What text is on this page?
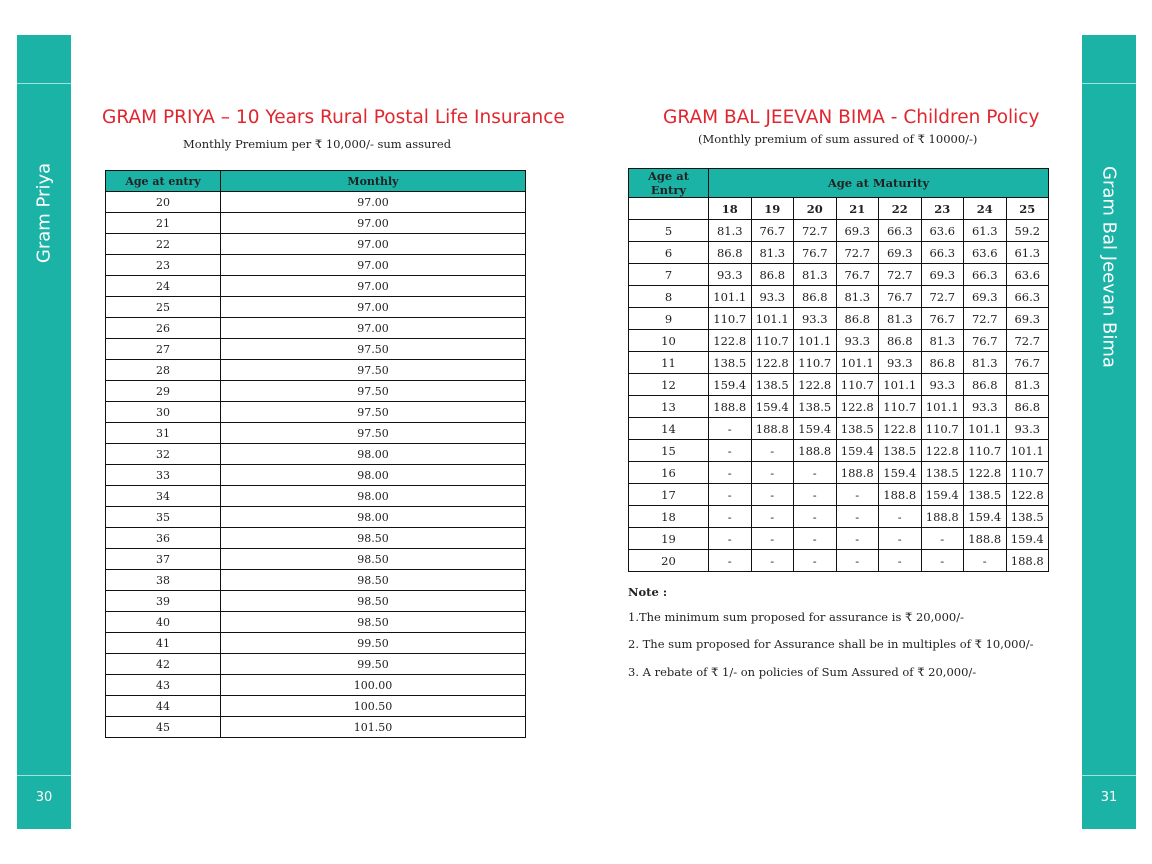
Gram Priya
30
Gram Bal Jeevan Bima
31
GRAM PRIYA – 10 Years Rural Postal Life Insurance
Monthly Premium per ₹ 10,000/- sum assured
Age at entry	Monthly
20	97.00
21	97.00
22	97.00
23	97.00
24	97.00
25	97.00
26	97.00
27	97.50
28	97.50
29	97.50
30	97.50
31	97.50
32	98.00
33	98.00
34	98.00
35	98.00
36	98.50
37	98.50
38	98.50
39	98.50
40	98.50
41	99.50
42	99.50
43	100.00
44	100.50
45	101.50
GRAM BAL JEEVAN BIMA - Children Policy
(Monthly premium of sum assured of ₹ 10000/-)
Age at Entry	Age at Maturity							
	18	19	20	21	22	23	24	25
5	81.3	76.7	72.7	69.3	66.3	63.6	61.3	59.2
6	86.8	81.3	76.7	72.7	69.3	66.3	63.6	61.3
7	93.3	86.8	81.3	76.7	72.7	69.3	66.3	63.6
8	101.1	93.3	86.8	81.3	76.7	72.7	69.3	66.3
9	110.7	101.1	93.3	86.8	81.3	76.7	72.7	69.3
10	122.8	110.7	101.1	93.3	86.8	81.3	76.7	72.7
11	138.5	122.8	110.7	101.1	93.3	86.8	81.3	76.7
12	159.4	138.5	122.8	110.7	101.1	93.3	86.8	81.3
13	188.8	159.4	138.5	122.8	110.7	101.1	93.3	86.8
14	-	188.8	159.4	138.5	122.8	110.7	101.1	93.3
15	-	-	188.8	159.4	138.5	122.8	110.7	101.1
16	-	-	-	188.8	159.4	138.5	122.8	110.7
17	-	-	-	-	188.8	159.4	138.5	122.8
18	-	-	-	-	-	188.8	159.4	138.5
19	-	-	-	-	-	-	188.8	159.4
20	-	-	-	-	-	-	-	188.8
Note :
1.The minimum sum proposed for assurance is ₹ 20,000/-
2. The sum proposed for Assurance shall be in multiples of ₹ 10,000/-
3. A rebate of ₹ 1/- on policies of Sum Assured of ₹ 20,000/-
